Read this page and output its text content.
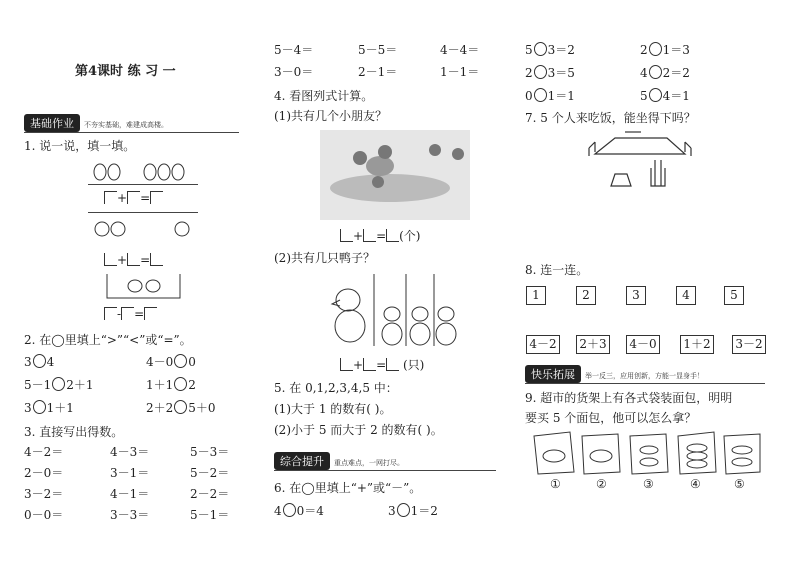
第4课时 练 习 一
基础作业 不夯实基础，难建成高楼。
1. 说一说，填一填。
+ =
+ =
- =
2. 在◯里填上“>”“<”或“=”。
3 4	4－0 0
5－1 2＋1	1＋1 2
3 1＋1	2＋2 5＋0
3. 直接写出得数。
4－2＝	4－3＝	5－3＝
2－0＝	3－1＝	5－2＝
3－2＝	4－1＝	2－2＝
0－0＝	3－3＝	5－1＝
5－4＝	5－5＝	4－4＝
3－0＝	2－1＝	1－1＝
4. 看图列式计算。
(1)共有几个小朋友？
+ = (个)
(2)共有几只鸭子？
+ = (只)
5. 在 0,1,2,3,4,5 中：
(1)大于 1 的数有( )。
(2)小于 5 而大于 2 的数有( )。
综合提升 重点难点，一网打尽。
6. 在◯里填上“+”或“－”。
4 0＝4	3 1＝2
5 3＝2	2 1＝3
2 3＝5	4 2＝2
0 1＝1	5 4＝1
7. 5 个人来吃饭，能坐得下吗？
8. 连一连。
1	2	3	4	5
4－2 2＋3 4－0 1＋2 3－2
快乐拓展 举一反三，应用创新，方能一显身手！
9. 超市的货架上有各式袋装面包，明明
要买 5 个面包，他可以怎么拿？
①	②	③	④	⑤
